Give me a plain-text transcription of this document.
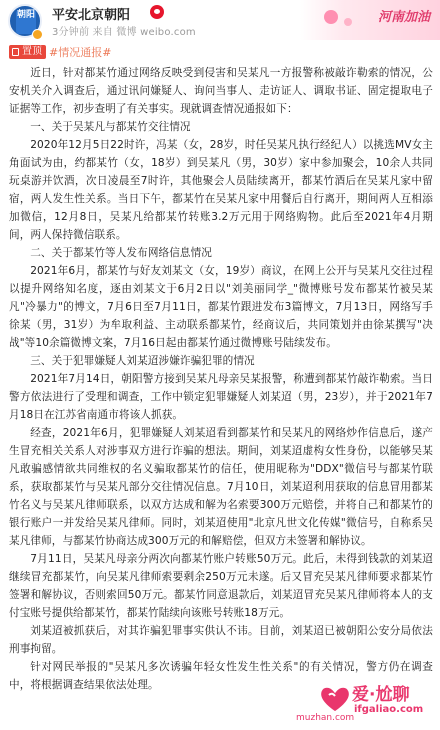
朝阳 平安北京朝阳
3分钟前 来自 微博 weibo.com
河南加油
置顶 #情况通报#

近日，针对都某竹通过网络反映受到侵害和吴某凡一方报警称被敲诈勒索的情况，公安机关介入调查后，通过讯问嫌疑人、询问当事人、走访证人、调取书证、固定提取电子证据等工作，初步查明了有关事实。现就调查情况通报如下：

一、关于吴某凡与都某竹交往情况

2020年12月5日22时许，冯某（女，28岁，时任吴某凡执行经纪人）以挑选MV女主角面试为由，约都某竹（女，18岁）到吴某凡（男，30岁）家中参加聚会，10余人共同玩桌游并饮酒，次日凌晨至7时许，其他聚会人员陆续离开，都某竹酒后在吴某凡家中留宿，两人发生性关系。当日下午，都某竹在吴某凡家中用餐后自行离开，期间两人互相添加微信，12月8日，吴某凡给都某竹转账3.2万元用于网络购物。此后至2021年4月期间，两人保持微信联系。

二、关于都某竹等人发布网络信息情况

2021年6月，都某竹与好友刘某文（女，19岁）商议，在网上公开与吴某凡交往过程以提升网络知名度，逐由刘某文于6月2日以"刘美丽同学_"微博账号发布都某竹被吴某凡"冷暴力"的博文，7月6日至7月11日，都某竹跟进发布3篇博文，7月13日，网络写手徐某（男，31岁）为牟取利益、主动联系都某竹，经商议后，共同策划并由徐某撰写"决战"等10余篇微博文案，7月16日起由都某竹通过微博账号陆续发布。

三、关于犯罪嫌疑人刘某迢涉嫌诈骗犯罪的情况

2021年7月14日，朝阳警方接到吴某凡母亲吴某报警，称遭到都某竹敲诈勒索。当日警方依法进行了受理和调查，工作中锁定犯罪嫌疑人刘某迢（男，23岁），并于2021年7月18日在江苏省南通市将该人抓获。

经查，2021年6月，犯罪嫌疑人刘某迢看到都某竹和吴某凡的网络炒作信息后，遂产生冒充相关关系人对涉事双方进行诈骗的想法。期间，刘某迢虚构女性身份，以能够吴某凡敢骗感情欲共同维权的名义骗取都某竹的信任，使用昵称为"DDX"微信号与都某竹联系，获取都某竹与吴某凡部分交往情况信息。7月10日，刘某迢利用获取的信息冒用都某竹名义与吴某凡律师联系，以双方达成和解为名索要300万元赔偿，并将自己和都某竹的银行账户一并发给吴某凡律师。同时，刘某迢使用"北京凡世文化传媒"微信号，自称系吴某凡律师，与都某竹协商达成300万元的和解赔偿，但双方未签署和解协议。

7月11日，吴某凡母亲分两次向都某竹账户转账50万元。此后，未得到钱款的刘某迢继续冒充都某竹，向吴某凡律师索要剩余250万元未遂。后又冒充吴某凡律师要求都某竹签署和解协议，否则索回50万元。都某竹同意退款后，刘某迢冒充吴某凡律师将本人的支付宝账号提供给都某竹，都某竹陆续向该账号转账18万元。

刘某迢被抓获后，对其诈骗犯罪事实供认不讳。目前，刘某迢已被朝阳公安分局依法刑事拘留。

针对网民举报的"吴某凡多次诱骗年轻女性发生性关系"的有关情况，警方仍在调查中，将根据调查结果依法处理。	爱·尬聊
ifgaliao.com
muzhan.com
